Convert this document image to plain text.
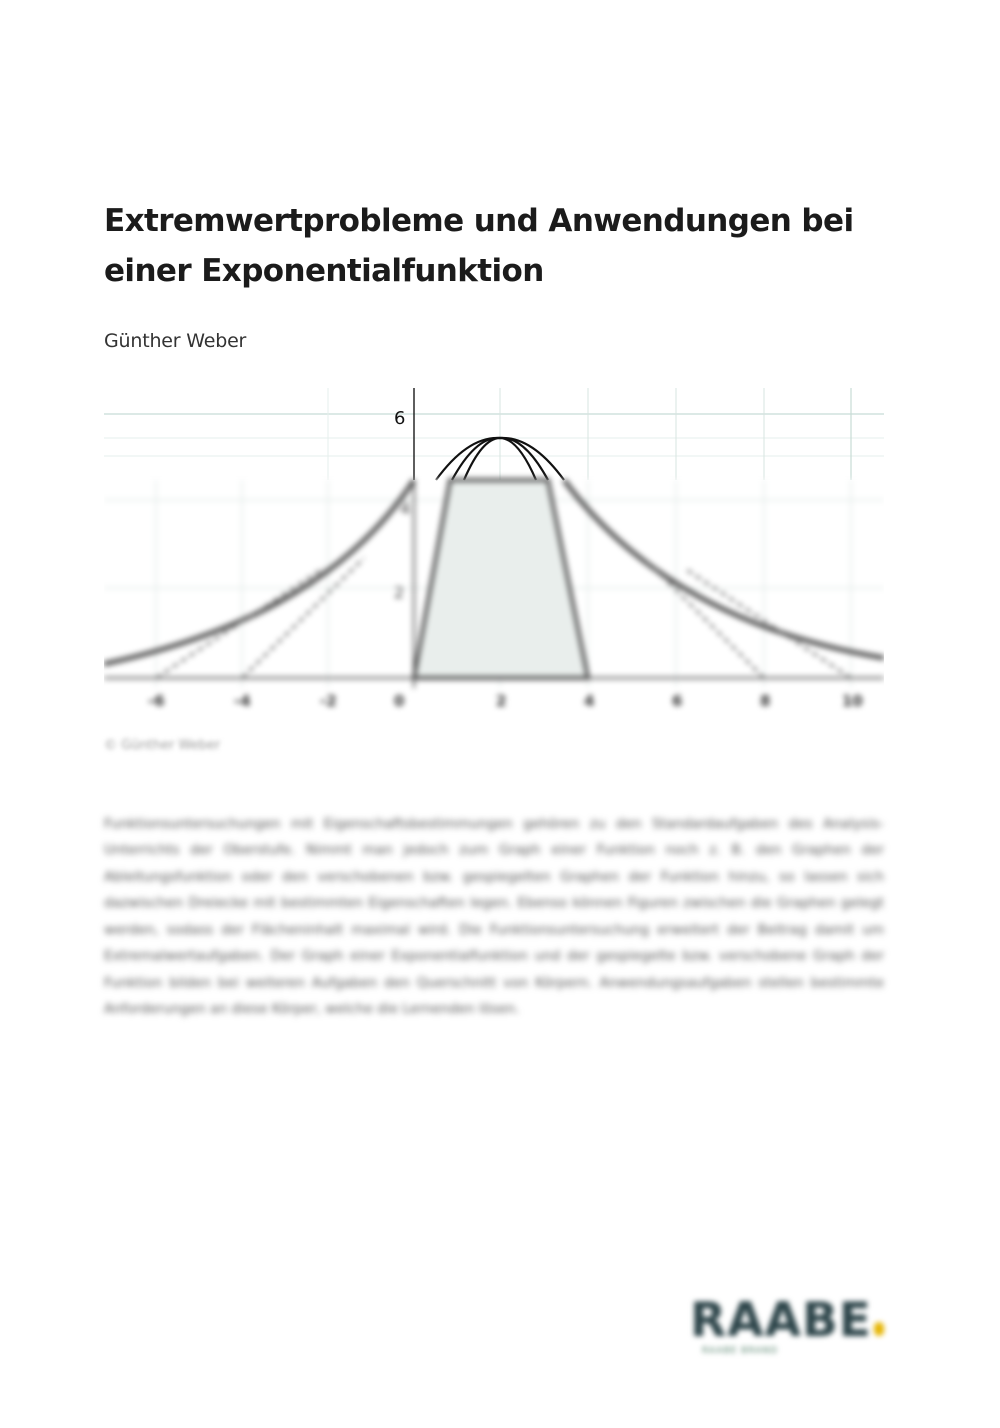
Extremwertprobleme und Anwendungen bei
einer Exponentialfunktion
Günther Weber
6
4
2
-6	-4	-2	0	2	4	6	8	10
© Günther Weber

Funktionsuntersuchungen mit Eigenschaftsbestimmungen gehören zu den Standardaufgaben des Analysis-Unterrichts der Oberstufe. Nimmt man jedoch zum Graph einer Funktion noch z. B. den Graphen der Ableitungsfunktion oder den verschobenen bzw. gespiegelten Graphen der Funktion hinzu, so lassen sich dazwischen Dreiecke mit bestimmten Eigenschaften legen. Ebenso können Figuren zwischen die Graphen gelegt werden, sodass der Flächeninhalt maximal wird. Die Funktionsuntersuchung erweitert der Beitrag damit um Extremalwertaufgaben. Der Graph einer Exponentialfunktion und der gespiegelte bzw. verschobene Graph der Funktion bilden bei weiteren Aufgaben den Querschnitt von Körpern. Anwendungsaufgaben stellen bestimmte Anforderungen an diese Körper, welche die Lernenden lösen.

RAABE
RAABE BRAND
